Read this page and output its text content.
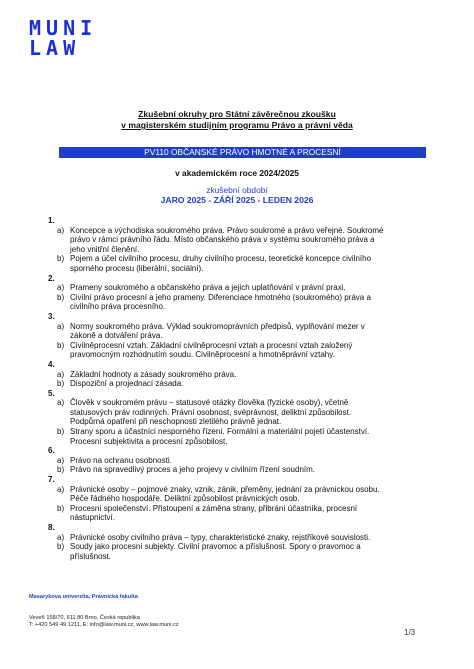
MUNI
LAW
Zkušební okruhy pro Státní závěrečnou zkoušku
v magisterském studijním programu Právo a právní věda
PV110 OBČANSKÉ PRÁVO HMOTNÉ A PROCESNÍ
v akademickém roce 2024/2025
zkušební období
JARO 2025 - ZÁŘÍ 2025 - LEDEN 2026
1.
a) Koncepce a východiska soukromého práva. Právo soukromé a právo veřejné. Soukromé právo v rámci právního řádu. Místo občanského práva v systému soukromého práva a jeho vnitřní členění.
b) Pojem a účel civilního procesu, druhy civilního procesu, teoretické koncepce civilního sporného procesu (liberální, sociální).
2.
a) Prameny soukromého a občanského práva a jejich uplatňování v právní praxi.
b) Civilní právo procesní a jeho prameny. Diferenciace hmotného (soukromého) práva a civilního práva procesního.
3.
a) Normy soukromého práva. Výklad soukromoprávních předpisů, vyplňování mezer v zákoně a dotváření práva.
b) Civilněprocesní vztah. Základní civilněprocesní vztah a procesní vztah založený pravomocným rozhodnutím soudu. Civilněprocesní a hmotněprávní vztahy.
4.
a) Základní hodnoty a zásady soukromého práva.
b) Dispoziční a projednací zásada.
5.
a) Člověk v soukromém právu – statusové otázky člověka (fyzické osoby), včetně statusových práv rodinných. Právní osobnost, svéprávnost, deliktní způsobilost. Podpůrná opatření při neschopnosti zletilého právně jednat.
b) Strany sporu a účastníci nesporného řízení. Formální a materiální pojetí účastenství. Procesní subjektivita a procesní způsobilost.
6.
a) Právo na ochranu osobnosti.
b) Právo na spravedlivý proces a jeho projevy v civilním řízení soudním.
7.
a) Právnické osoby – pojmové znaky, vznik, zánik, přeměny, jednání za právnickou osobu. Péče řádného hospodáře. Deliktní způsobilost právnických osob.
b) Procesní společenství. Přistoupení a záměna strany, přibrání účastníka, procesní nástupnictví.
8.
a) Právnické osoby civilního práva – typy, charakteristické znaky, rejstříkové souvislosti.
b) Soudy jako procesní subjekty. Civilní pravomoc a příslušnost. Spory o pravomoc a příslušnost.
Masarykova univerzita, Právnická fakulta
Veveří 158/70, 611 80 Brno, Česká republika
T: +420 549 49 1211, E: info@law.muni.cz, www.law.muni.cz
1/3
